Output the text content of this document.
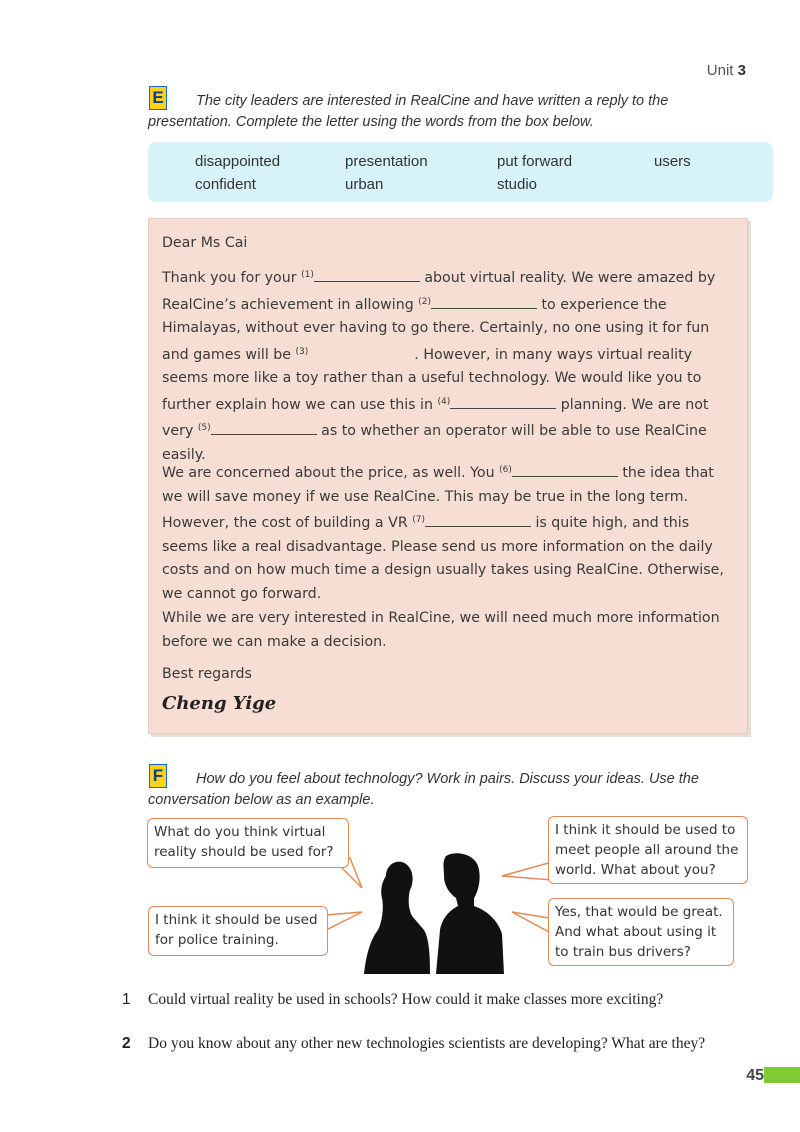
Unit 3
E The city leaders are interested in RealCine and have written a reply to the
presentation. Complete the letter using the words from the box below.
disappointed	presentation	put forward	users
confident	urban	studio
Dear Ms Cai
Thank you for your $^{(1)}$	about virtual reality. We were amazed by RealCine’s achievement in allowing $^{(2)}$	to experience the Himalayas, without ever having to go there. Certainly, no one using it for fun and games will be $^{(3)}$	. However, in many ways virtual reality seems more like a toy rather than a useful technology. We would like you to further explain how we can use this in $^{(4)}$	planning. We are not very $^{(5)}$	as to whether an operator will be able to use RealCine easily.
We are concerned about the price, as well. You $^{(6)}$	the idea that we will save money if we use RealCine. This may be true in the long term. However, the cost of building a VR $^{(7)}$	is quite high, and this seems like a real disadvantage. Please send us more information on the daily costs and on how much time a design usually takes using RealCine. Otherwise, we cannot go forward.
While we are very interested in RealCine, we will need much more information before we can make a decision.
Best regards
Cheng Yige
F How do you feel about technology? Work in pairs. Discuss your ideas. Use the
conversation below as an example.
What do you think virtual reality should be used for?
I think it should be used to meet people all around the world. What about you?
I think it should be used for police training.
Yes, that would be great. And what about using it to train bus drivers?
1 Could virtual reality be used in schools? How could it make classes more exciting?
2 Do you know about any other new technologies scientists are developing? What are they?
45
